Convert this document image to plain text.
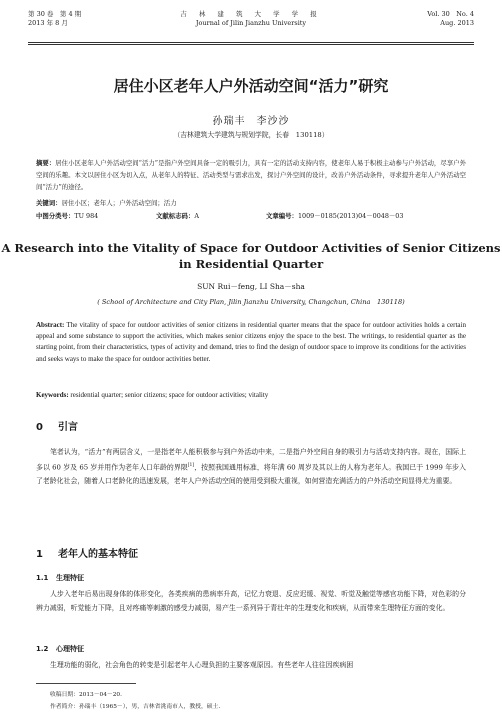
第 30 卷　第 4 期
2013 年 8 月
吉 林 建 筑 大 学 学 报
Journal of Jilin Jianzhu University
Vol. 30　No. 4
Aug. 2013
居住小区老年人户外活动空间“活力”研究
孙瑞丰　李沙沙
（吉林建筑大学建筑与规划学院，长春　130118）
摘要：居住小区老年人户外活动空间“活力”是指户外空间具备一定的吸引力，具有一定的活动支持内容，使老年人易于积极主动参与户外活动，尽享户外空间的乐趣。本文以居住小区为切入点，从老年人的特征、活动类型与需求出发，探讨户外空间的设计，改善户外活动条件，寻求提升老年人户外活动空间“活力”的途径。
关键词：居住小区；老年人；户外活动空间；活力
中图分类号：TU 984	文献标志码：A	文章编号：1009－0185(2013)04－0048－03
A Research into the Vitality of Space for Outdoor Activities of Senior Citizens in Residential Quarter
SUN Rui－feng, LI Sha－sha
( School of Architecture and City Plan, Jilin Jianzhu University, Changchun, China　130118)
Abstract: The vitality of space for outdoor activities of senior citizens in residential quarter means that the space for outdoor activities holds a certain appeal and some substance to support the activities, which makes senior citizens enjoy the space to the best. The writings, to residential quarter as the starting point, from their characteristics, types of activity and demand, tries to find the design of outdoor space to improve its conditions for the activities and seeks ways to make the space for outdoor activities better.
Keywords: residential quarter; senior citizens; space for outdoor activities; vitality
0 引言
笔者认为，“活力”有两层含义，一是指老年人能积极参与到户外活动中来，二是指户外空间自身的吸引力与活动支持内容。现在，国际上多以 60 岁及 65 岁并用作为老年人口年龄的界限[1]，按照我国通用标准，将年满 60 周岁及其以上的人称为老年人。我国已于 1999 年步入了老龄化社会，随着人口老龄化的迅速发展，老年人户外活动空间的使用受到极大重视，如何营造充满活力的户外活动空间显得尤为重要。
1 老年人的基本特征
1.1 生理特征
人步入老年后易出现身体的体形变化，各类疾病的患病率升高，记忆力衰退、反应迟缓、视觉、听觉及触觉等感官功能下降，对色彩的分辨力减弱，听觉能力下降，且对疼痛等刺激的感受力减弱，易产生一系列异于青壮年的生理变化和疾病，从而带来生理特征方面的变化。
1.2 心理特征
生理功能的弱化，社会角色的转变是引起老年人心理负担的主要客观原因。有些老年人往往因疾病困
收稿日期：2013－04－20.
作者简介：孙瑞丰（1965－），男，吉林省洮南市人，教授，硕士.
